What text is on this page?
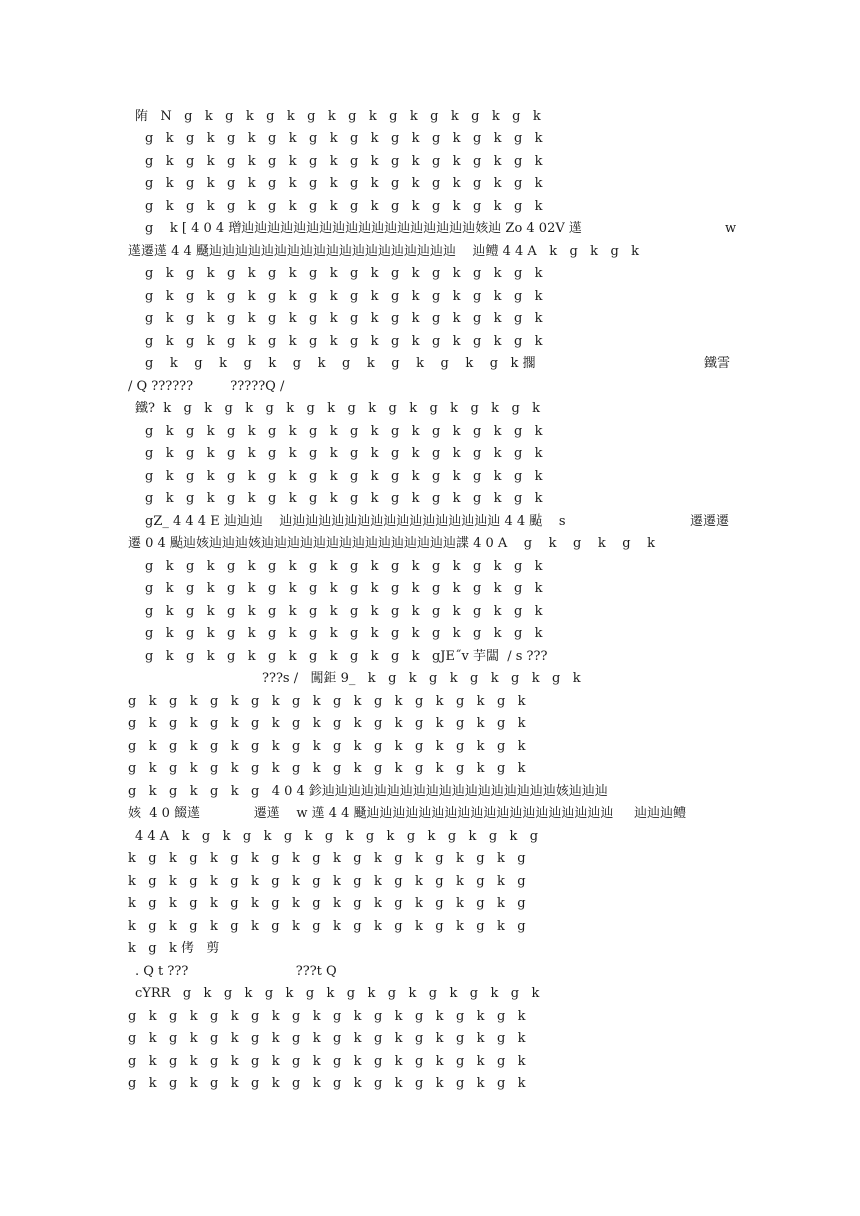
陏   N   g   k   g   k   g   k   g   k   g   k   g   k   g   k   g   k   g   k
g   k   g   k   g   k   g   k   g   k   g   k   g   k   g   k   g   k   g   k
g   k   g   k   g   k   g   k   g   k   g   k   g   k   g   k   g   k   g   k
g   k   g   k   g   k   g   k   g   k   g   k   g   k   g   k   g   k   g   k
g   k   g   k   g   k   g   k   g   k   g   k   g   k   g   k   g   k   g   k
g    k [ 4 0 4 璔辿辿辿辿辿辿辿辿辿辿辿辿辿辿辿辿辿辿姟辿 Zo 4 02V 遳
遳遷遳 4 4 颾辿辿辿辿辿辿辿辿辿辿辿辿辿辿辿辿辿辿辿    辿鳢 4 4 A   k   g   k   g   k
g   k   g   k   g   k   g   k   g   k   g   k   g   k   g   k   g   k   g   k
g   k   g   k   g   k   g   k   g   k   g   k   g   k   g   k   g   k   g   k
g   k   g   k   g   k   g   k   g   k   g   k   g   k   g   k   g   k   g   k
g   k   g   k   g   k   g   k   g   k   g   k   g   k   g   k   g   k   g   k
g    k    g    k    g    k    g    k    g    k    g    k    g    k    g   k 擱
/ Q ??????         ?????Q /
鐵?  k   g   k   g   k   g   k   g   k   g   k   g   k   g   k   g   k   g   k
g   k   g   k   g   k   g   k   g   k   g   k   g   k   g   k   g   k   g   k
g   k   g   k   g   k   g   k   g   k   g   k   g   k   g   k   g   k   g   k
g   k   g   k   g   k   g   k   g   k   g   k   g   k   g   k   g   k   g   k
g   k   g   k   g   k   g   k   g   k   g   k   g   k   g   k   g   k   g   k
gZ_ 4 4 4 E 辿辿辿    辿辿辿辿辿辿辿辿辿辿辿辿辿辿辿辿辿 4 4 颭    s
遷 0 4 颭辿姟辿辿辿姟辿辿辿辿辿辿辿辿辿辿辿辿辿辿辿諜 4 0 A    g    k    g    k    g    k
g   k   g   k   g   k   g   k   g   k   g   k   g   k   g   k   g   k   g   k
g   k   g   k   g   k   g   k   g   k   g   k   g   k   g   k   g   k   g   k
g   k   g   k   g   k   g   k   g   k   g   k   g   k   g   k   g   k   g   k
g   k   g   k   g   k   g   k   g   k   g   k   g   k   g   k   g   k   g   k
g   k   g   k   g   k   g   k   g   k   g   k   g   k   gJE˝v 芋闆  / s ???
???s /   闖鉅 9_   k   g   k   g   k   g   k   g   k   g   k
g   k   g   k   g   k   g   k   g   k   g   k   g   k   g   k   g   k   g   k
g   k   g   k   g   k   g   k   g   k   g   k   g   k   g   k   g   k   g   k
g   k   g   k   g   k   g   k   g   k   g   k   g   k   g   k   g   k   g   k
g   k   g   k   g   k   g   k   g   k   g   k   g   k   g   k   g   k   g   k
g   k   g   k   g   k   g   4 0 4 鉁辿辿辿辿辿辿辿辿辿辿辿辿辿辿辿辿辿辿姟辿辿辿
姟  4 0 餟遳             遷遳    w 遳 4 4 颾辿辿辿辿辿辿辿辿辿辿辿辿辿辿辿辿辿辿辿     辿辿辿鳢
4 4 A   k   g   k   g   k   g   k   g   k   g   k   g   k   g   k   g   k   g
k   g   k   g   k   g   k   g   k   g   k   g   k   g   k   g   k   g   k   g
k   g   k   g   k   g   k   g   k   g   k   g   k   g   k   g   k   g   k   g
k   g   k   g   k   g   k   g   k   g   k   g   k   g   k   g   k   g   k   g
k   g   k   g   k   g   k   g   k   g   k   g   k   g   k   g   k   g   k   g
k   g   k 侤   剪
. Q t ???                          ???t Q
cYRR   g   k   g   k   g   k   g   k   g   k   g   k   g   k   g   k   g   k
g   k   g   k   g   k   g   k   g   k   g   k   g   k   g   k   g   k   g   k
g   k   g   k   g   k   g   k   g   k   g   k   g   k   g   k   g   k   g   k
g   k   g   k   g   k   g   k   g   k   g   k   g   k   g   k   g   k   g   k
g   k   g   k   g   k   g   k   g   k   g   k   g   k   g   k   g   k   g   k
w
鐵霅
遷遷遷
